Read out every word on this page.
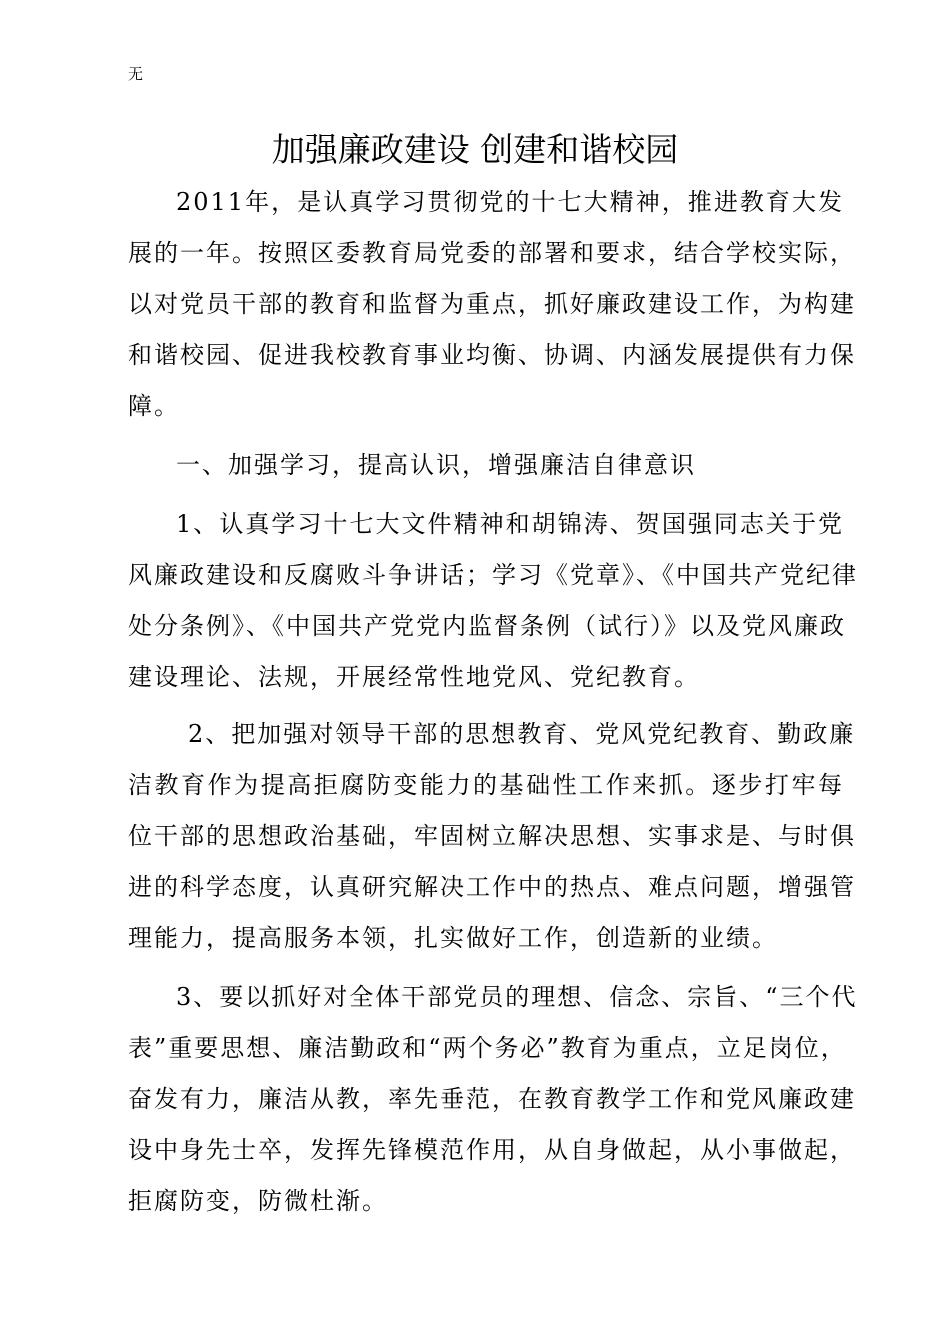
无
加强廉政建设 创建和谐校园
2011年，是认真学习贯彻党的十七大精神，推进教育大发
展的一年。按照区委教育局党委的部署和要求，结合学校实际，
以对党员干部的教育和监督为重点，抓好廉政建设工作，为构建
和谐校园、促进我校教育事业均衡、协调、内涵发展提供有力保
障。
一、加强学习，提高认识，增强廉洁自律意识
1、认真学习十七大文件精神和胡锦涛、贺国强同志关于党
风廉政建设和反腐败斗争讲话；学习《党章》、《中国共产党纪律
处分条例》、《中国共产党党内监督条例（试行）》以及党风廉政
建设理论、法规，开展经常性地党风、党纪教育。
2、把加强对领导干部的思想教育、党风党纪教育、勤政廉
洁教育作为提高拒腐防变能力的基础性工作来抓。逐步打牢每
位干部的思想政治基础，牢固树立解决思想、实事求是、与时俱
进的科学态度，认真研究解决工作中的热点、难点问题，增强管
理能力，提高服务本领，扎实做好工作，创造新的业绩。
3、要以抓好对全体干部党员的理想、信念、宗旨、“三个代
表”重要思想、廉洁勤政和“两个务必”教育为重点，立足岗位，
奋发有力，廉洁从教，率先垂范，在教育教学工作和党风廉政建
设中身先士卒，发挥先锋模范作用，从自身做起，从小事做起，
拒腐防变，防微杜渐。
